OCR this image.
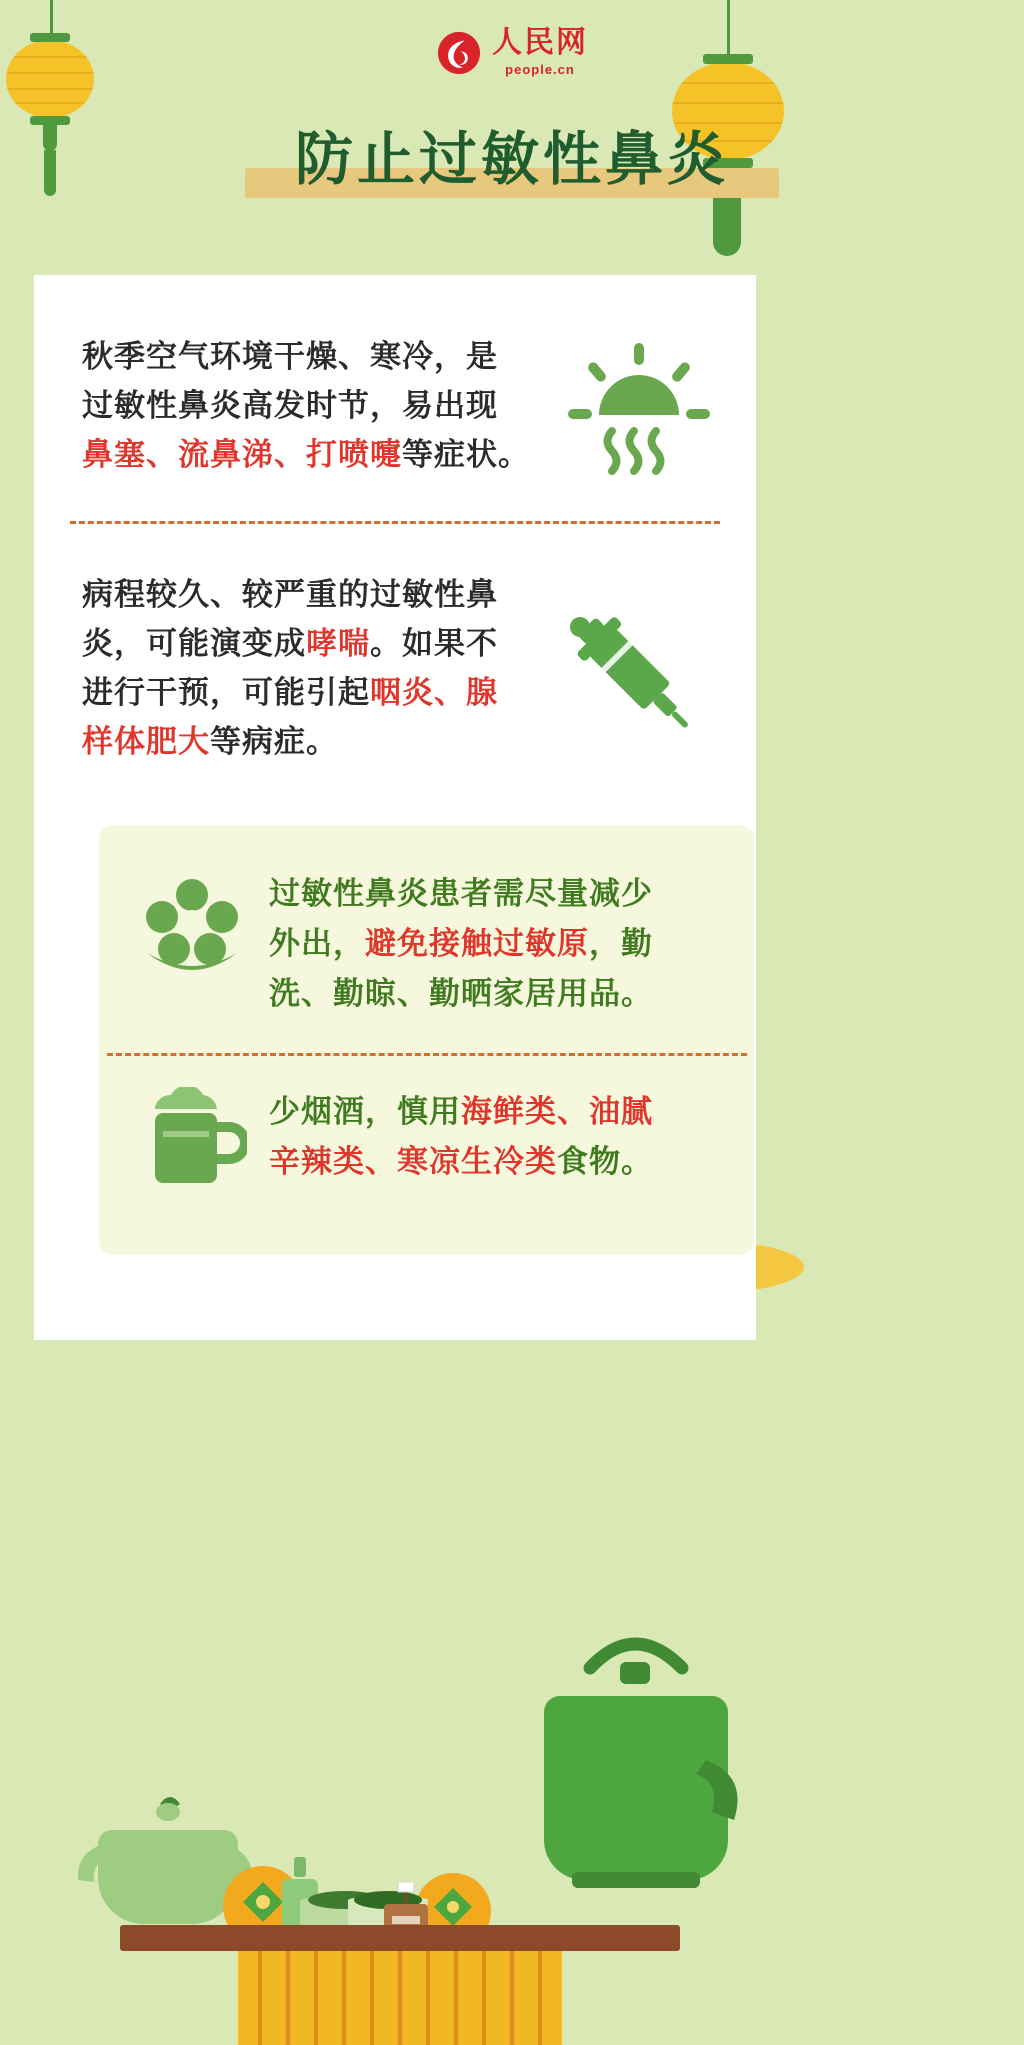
人民网
people.cn
防止过敏性鼻炎
秋季空气环境干燥、寒冷，是
过敏性鼻炎高发时节，易出现
鼻塞、流鼻涕、打喷嚏等症状。
病程较久、较严重的过敏性鼻
炎，可能演变成哮喘。如果不
进行干预，可能引起咽炎、腺
样体肥大等病症。
过敏性鼻炎患者需尽量减少
外出，避免接触过敏原，勤
洗、勤晾、勤晒家居用品。
少烟酒，慎用海鲜类、油腻
辛辣类、寒凉生冷类食物。
